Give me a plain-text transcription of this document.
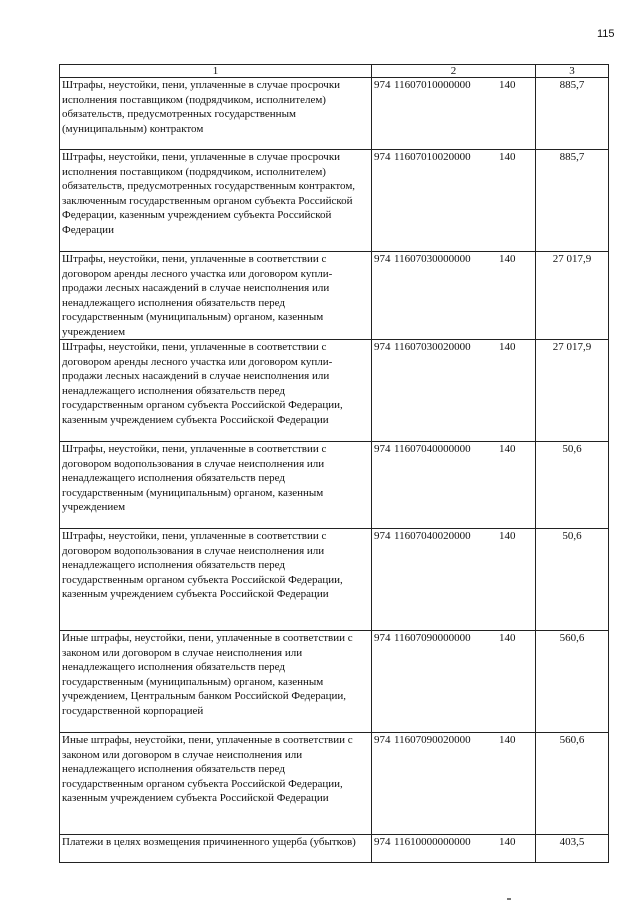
115
1	2	3
Штрафы, неустойки, пени, уплаченные в случае просрочки исполнения поставщиком (подрядчиком, исполнителем) обязательств, предусмотренных государственным (муниципальным) контрактом	974 11607010000000 140	885,7
Штрафы, неустойки, пени, уплаченные в случае просрочки исполнения поставщиком (подрядчиком, исполнителем) обязательств, предусмотренных государственным контрактом, заключенным государственным органом субъекта Российской Федерации, казенным учреждением субъекта Российской Федерации	974 11607010020000 140	885,7
Штрафы, неустойки, пени, уплаченные в соответствии с договором аренды лесного участка или договором купли-продажи лесных насаждений в случае неисполнения или ненадлежащего исполнения обязательств перед государственным (муниципальным) органом, казенным учреждением	974 11607030000000 140	27 017,9
Штрафы, неустойки, пени, уплаченные в соответствии с договором аренды лесного участка или договором купли-продажи лесных насаждений в случае неисполнения или ненадлежащего исполнения обязательств перед государственным органом субъекта Российской Федерации, казенным учреждением субъекта Российской Федерации	974 11607030020000 140	27 017,9
Штрафы, неустойки, пени, уплаченные в соответствии с договором водопользования в случае неисполнения или ненадлежащего исполнения обязательств перед государственным (муниципальным) органом, казенным учреждением	974 11607040000000 140	50,6
Штрафы, неустойки, пени, уплаченные в соответствии с договором водопользования в случае неисполнения или ненадлежащего исполнения обязательств перед государственным органом субъекта Российской Федерации, казенным учреждением субъекта Российской Федерации	974 11607040020000 140	50,6
Иные штрафы, неустойки, пени, уплаченные в соответствии с законом или договором в случае неисполнения или ненадлежащего исполнения обязательств перед государственным (муниципальным) органом, казенным учреждением, Центральным банком Российской Федерации, государственной корпорацией	974 11607090000000 140	560,6
Иные штрафы, неустойки, пени, уплаченные в соответствии с законом или договором в случае неисполнения или ненадлежащего исполнения обязательств перед государственным органом субъекта Российской Федерации, казенным учреждением субъекта Российской Федерации	974 11607090020000 140	560,6
Платежи в целях возмещения причиненного ущерба (убытков)	974 11610000000000 140	403,5
